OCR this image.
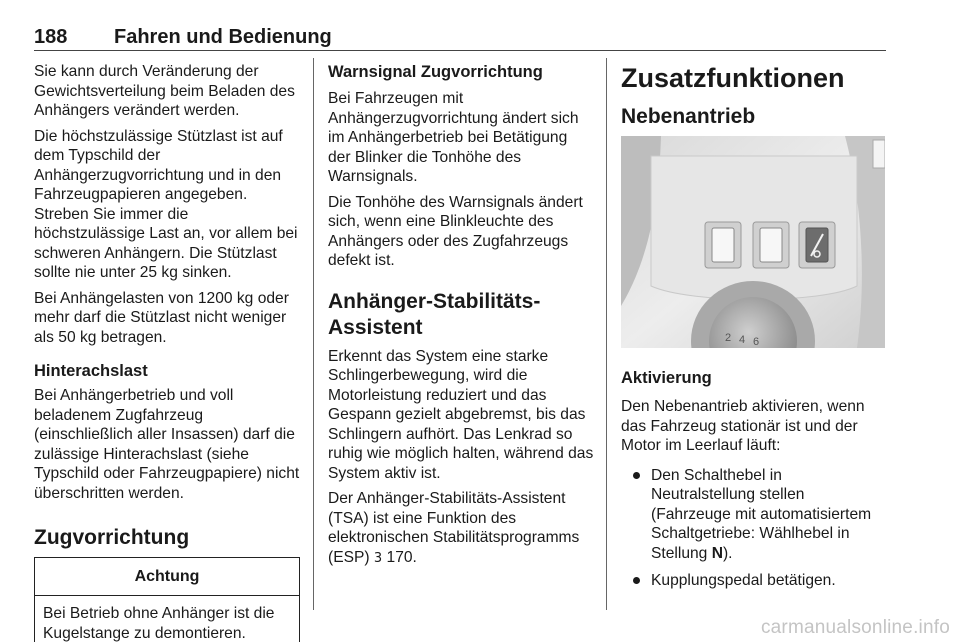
188 Fahren und Bedienung

Sie kann durch Veränderung der Gewichtsverteilung beim Beladen des Anhängers verändert werden.

Die höchstzulässige Stützlast ist auf dem Typschild der Anhängerzugvorrichtung und in den Fahrzeugpapieren angegeben. Streben Sie immer die höchstzulässige Last an, vor allem bei schweren Anhängern. Die Stützlast sollte nie unter 25 kg sinken.

Bei Anhängelasten von 1200 kg oder mehr darf die Stützlast nicht weniger als 50 kg betragen.

Hinterachslast

Bei Anhängerbetrieb und voll beladenem Zugfahrzeug (einschließlich aller Insassen) darf die zulässige Hinterachslast (siehe Typschild oder Fahrzeugpapiere) nicht überschritten werden.

Zugvorrichtung
Achtung
Bei Betrieb ohne Anhänger ist die Kugelstange zu demontieren.
Warnsignal Zugvorrichtung

Bei Fahrzeugen mit Anhängerzugvorrichtung ändert sich im Anhängerbetrieb bei Betätigung der Blinker die Tonhöhe des Warnsignals.

Die Tonhöhe des Warnsignals ändert sich, wenn eine Blinkleuchte des Anhängers oder des Zugfahrzeugs defekt ist.

Anhänger-Stabilitäts-Assistent

Erkennt das System eine starke Schlingerbewegung, wird die Motorleistung reduziert und das Gespann gezielt abgebremst, bis das Schlingern aufhört. Das Lenkrad so ruhig wie möglich halten, während das System aktiv ist.

Der Anhänger-Stabilitäts-Assistent (TSA) ist eine Funktion des elektronischen Stabilitätsprogramms (ESP) 3 170.

Zusatzfunktionen
Nebenantrieb
2 4 6
Aktivierung

Den Nebenantrieb aktivieren, wenn das Fahrzeug stationär ist und der Motor im Leerlauf läuft:

Den Schalthebel in Neutralstellung stellen (Fahrzeuge mit automatisiertem Schaltgetriebe: Wählhebel in Stellung N).
Kupplungspedal betätigen.
carmanualsonline.info
